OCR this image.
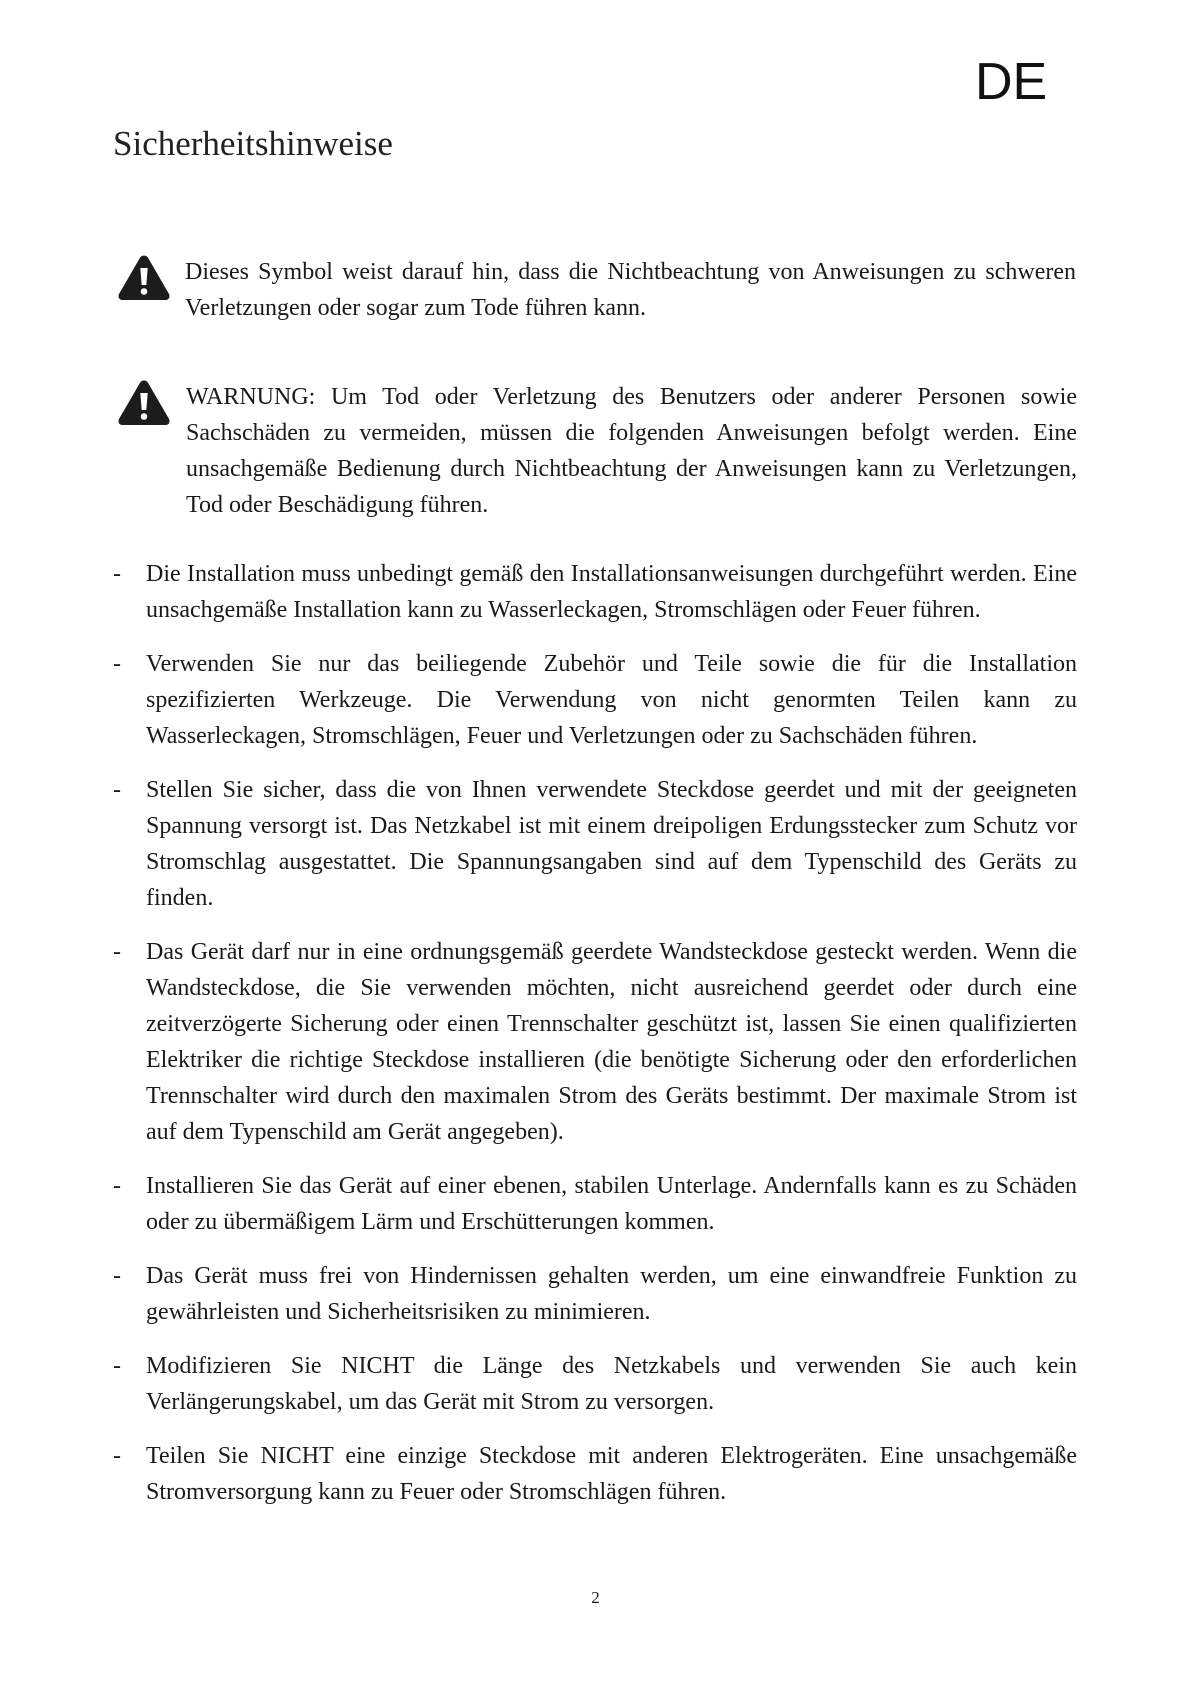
DE
Sicherheitshinweise
Dieses Symbol weist darauf hin, dass die Nichtbeachtung von Anweisungen zu schweren Verletzungen oder sogar zum Tode führen kann.
WARNUNG: Um Tod oder Verletzung des Benutzers oder anderer Personen sowie Sachschäden zu vermeiden, müssen die folgenden Anweisungen befolgt werden. Eine unsachgemäße Bedienung durch Nichtbeachtung der Anweisungen kann zu Verletzungen, Tod oder Beschädigung führen.
- Die Installation muss unbedingt gemäß den Installationsanweisungen durchgeführt werden. Eine unsachgemäße Installation kann zu Wasserleckagen, Stromschlägen oder Feuer führen.
- Verwenden Sie nur das beiliegende Zubehör und Teile sowie die für die Installation spezifizierten Werkzeuge. Die Verwendung von nicht genormten Teilen kann zu Wasserleckagen, Stromschlägen, Feuer und Verletzungen oder zu Sachschäden führen.
- Stellen Sie sicher, dass die von Ihnen verwendete Steckdose geerdet und mit der geeigneten Spannung versorgt ist. Das Netzkabel ist mit einem dreipoligen Erdungsstecker zum Schutz vor Stromschlag ausgestattet. Die Spannungsangaben sind auf dem Typenschild des Geräts zu finden.
- Das Gerät darf nur in eine ordnungsgemäß geerdete Wandsteckdose gesteckt werden. Wenn die Wandsteckdose, die Sie verwenden möchten, nicht ausreichend geerdet oder durch eine zeitverzögerte Sicherung oder einen Trennschalter geschützt ist, lassen Sie einen qualifizierten Elektriker die richtige Steckdose installieren (die benötigte Sicherung oder den erforderlichen Trennschalter wird durch den maximalen Strom des Geräts bestimmt. Der maximale Strom ist auf dem Typenschild am Gerät angegeben).
- Installieren Sie das Gerät auf einer ebenen, stabilen Unterlage. Andernfalls kann es zu Schäden oder zu übermäßigem Lärm und Erschütterungen kommen.
- Das Gerät muss frei von Hindernissen gehalten werden, um eine einwandfreie Funktion zu gewährleisten und Sicherheitsrisiken zu minimieren.
- Modifizieren Sie NICHT die Länge des Netzkabels und verwenden Sie auch kein Verlängerungskabel, um das Gerät mit Strom zu versorgen.
- Teilen Sie NICHT eine einzige Steckdose mit anderen Elektrogeräten. Eine unsachgemäße Stromversorgung kann zu Feuer oder Stromschlägen führen.
2
